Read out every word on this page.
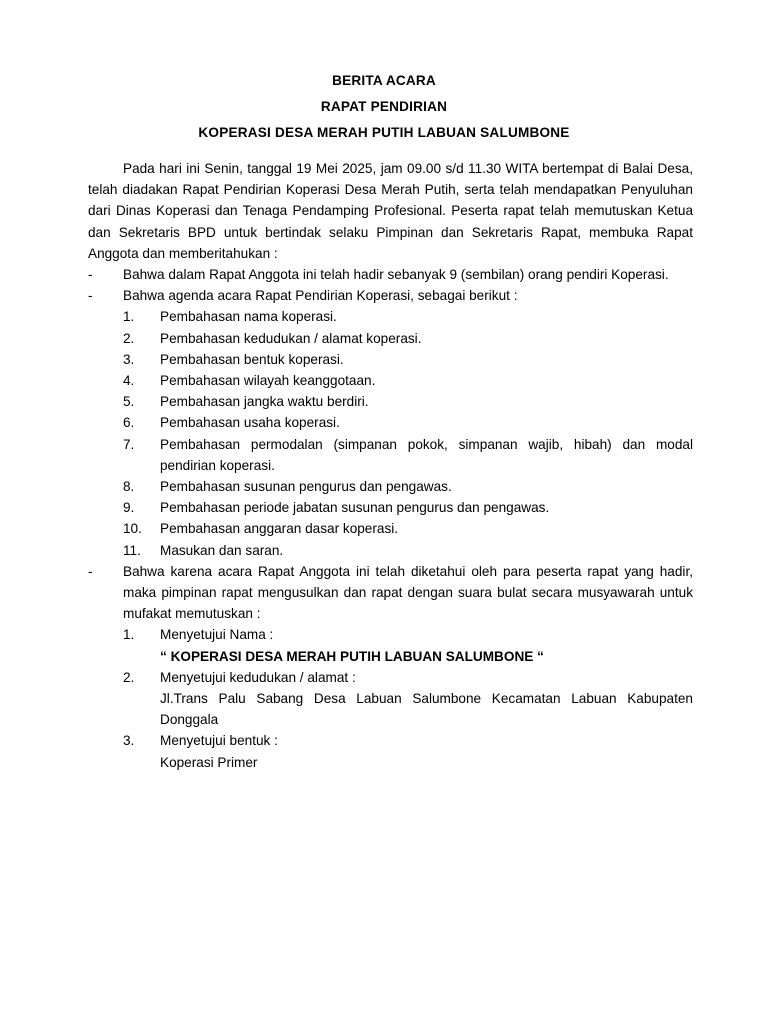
BERITA ACARA
RAPAT PENDIRIAN
KOPERASI DESA MERAH PUTIH LABUAN SALUMBONE

Pada hari ini Senin, tanggal 19 Mei 2025, jam 09.00 s/d 11.30 WITA bertempat di Balai Desa, telah diadakan Rapat Pendirian Koperasi Desa Merah Putih, serta telah mendapatkan Penyuluhan dari Dinas Koperasi dan Tenaga Pendamping Profesional. Peserta rapat telah memutuskan Ketua dan Sekretaris BPD untuk bertindak selaku Pimpinan dan Sekretaris Rapat, membuka Rapat Anggota dan memberitahukan :

- Bahwa dalam Rapat Anggota ini telah hadir sebanyak 9 (sembilan) orang pendiri Koperasi.
- Bahwa agenda acara Rapat Pendirian Koperasi, sebagai berikut :
1. Pembahasan nama koperasi.
2. Pembahasan kedudukan / alamat koperasi.
3. Pembahasan bentuk koperasi.
4. Pembahasan wilayah keanggotaan.
5. Pembahasan jangka waktu berdiri.
6. Pembahasan usaha koperasi.
7. Pembahasan permodalan (simpanan pokok, simpanan wajib, hibah) dan modal pendirian koperasi.
8. Pembahasan susunan pengurus dan pengawas.
9. Pembahasan periode jabatan susunan pengurus dan pengawas.
10. Pembahasan anggaran dasar koperasi.
11. Masukan dan saran.
- Bahwa karena acara Rapat Anggota ini telah diketahui oleh para peserta rapat yang hadir, maka pimpinan rapat mengusulkan dan rapat dengan suara bulat secara musyawarah untuk mufakat memutuskan :
1. Menyetujui Nama :
“ KOPERASI DESA MERAH PUTIH LABUAN SALUMBONE “
2. Menyetujui kedudukan / alamat :
Jl.Trans Palu Sabang Desa Labuan Salumbone Kecamatan Labuan Kabupaten Donggala
3. Menyetujui bentuk :
Koperasi Primer
